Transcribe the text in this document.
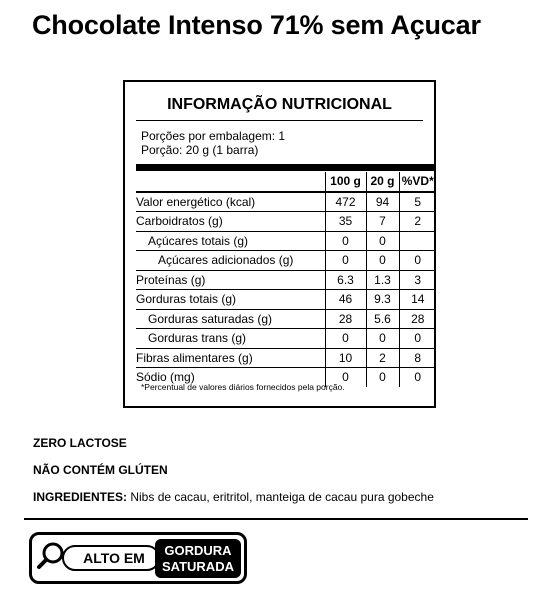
Chocolate Intenso 71% sem Açucar
INFORMAÇÃO NUTRICIONAL
Porções por embalagem: 1
Porção: 20 g (1 barra)
	100 g	20 g	%VD*
Valor energético (kcal)	472	94	5
Carboidratos (g)	35	7	2
Açúcares totais (g)	0	0	
Açúcares adicionados (g)	0	0	0
Proteínas (g)	6.3	1.3	3
Gorduras totais (g)	46	9.3	14
Gorduras saturadas (g)	28	5.6	28
Gorduras trans (g)	0	0	0
Fibras alimentares (g)	10	2	8
Sódio (mg)	0	0	0
*Percentual de valores diários fornecidos pela porção.
ZERO LACTOSE
NÃO CONTÉM GLÚTEN
INGREDIENTES: Nibs de cacau, eritritol, manteiga de cacau pura gobeche
ALTO EM	GORDURA
SATURADA
